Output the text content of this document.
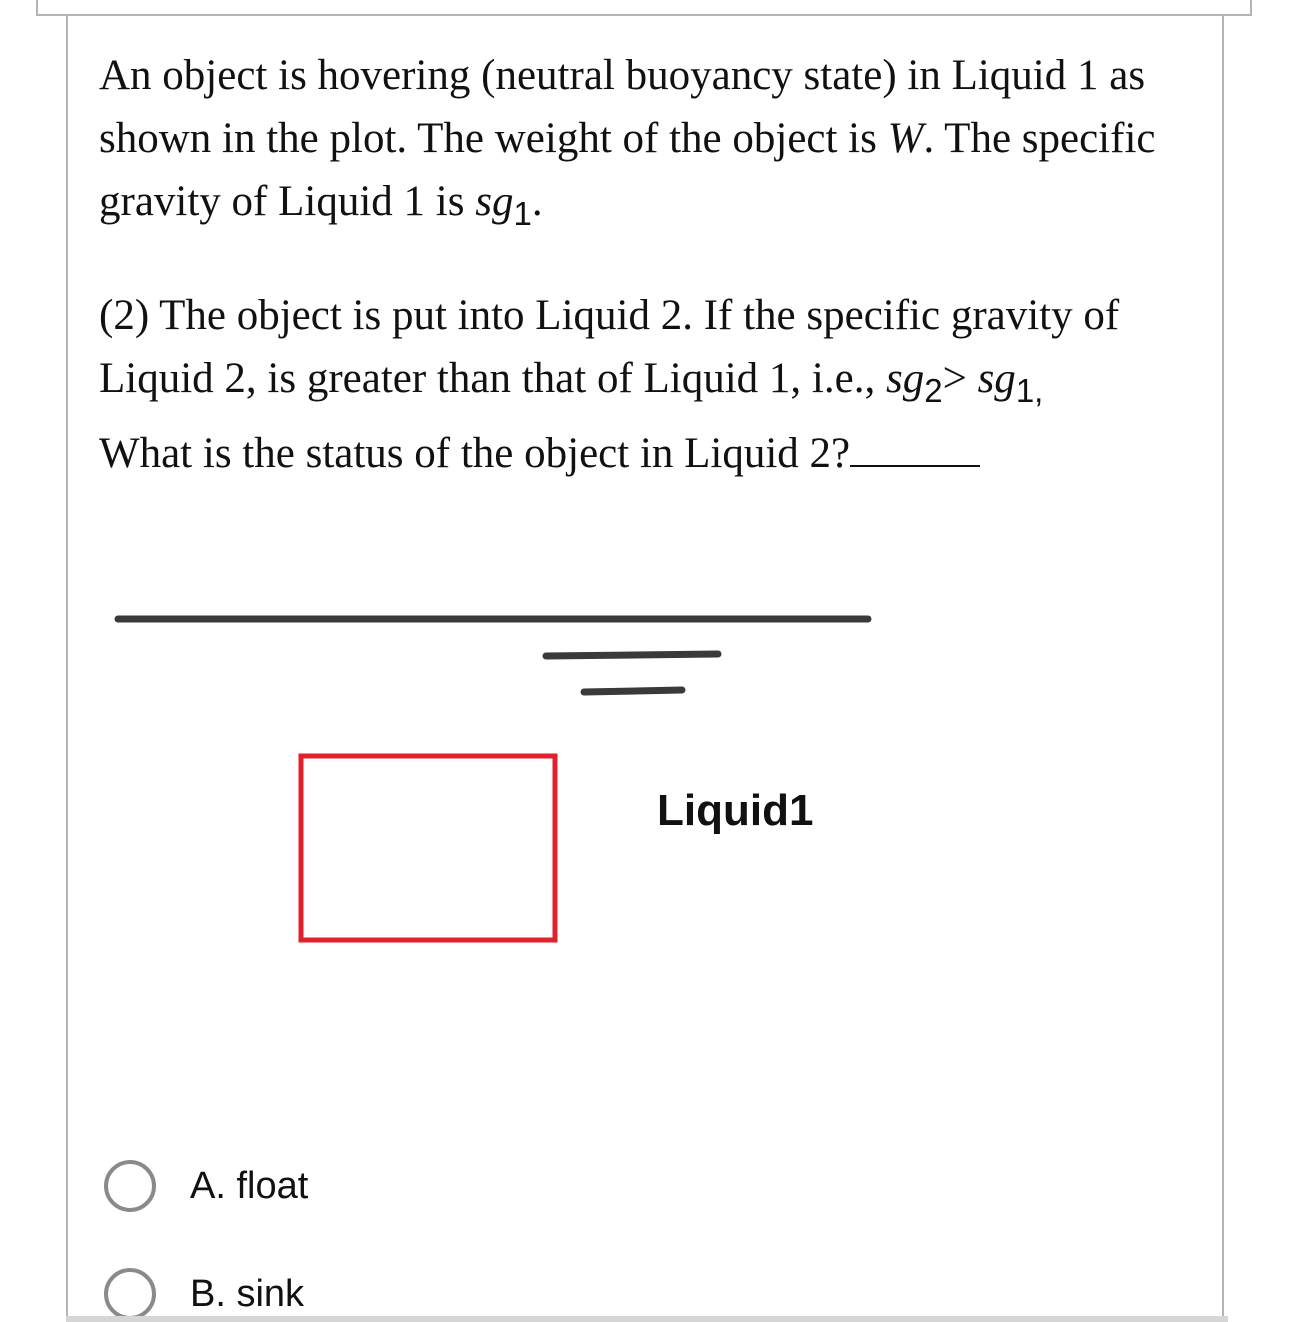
An object is hovering (neutral buoyancy state) in Liquid 1 as shown in the plot. The weight of the object is W. The specific gravity of Liquid 1 is $sg_1$.

(2) The object is put into Liquid 2. If the specific gravity of Liquid 2, is greater than that of Liquid 1, i.e., $sg_2> sg_{1,}$

What is the status of the object in Liquid 2?

Liquid1
A. float
B. sink
